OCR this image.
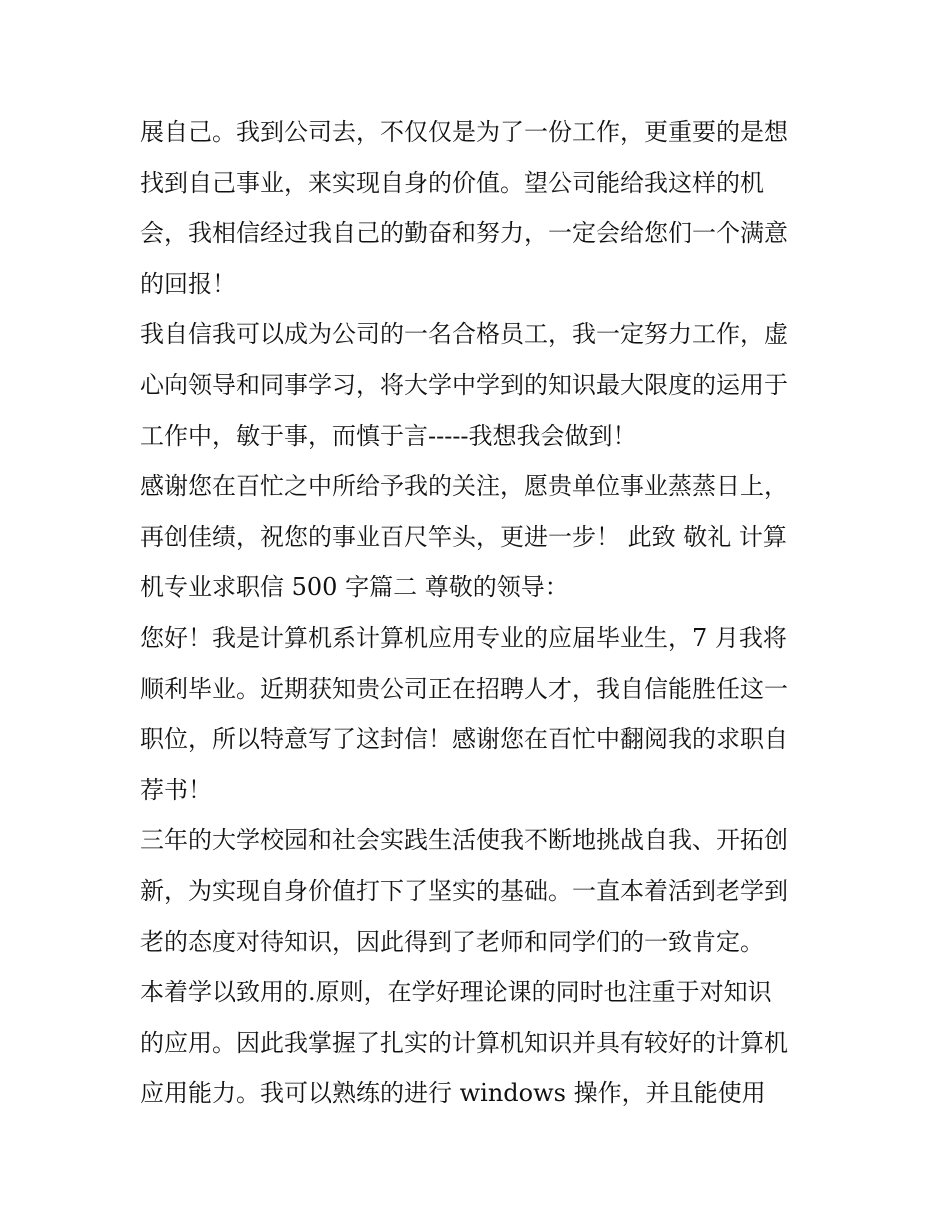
展自己。我到公司去，不仅仅是为了一份工作，更重要的是想
找到自己事业，来实现自身的价值。望公司能给我这样的机
会，我相信经过我自己的勤奋和努力，一定会给您们一个满意
的回报！
我自信我可以成为公司的一名合格员工，我一定努力工作，虚
心向领导和同事学习，将大学中学到的知识最大限度的运用于
工作中，敏于事，而慎于言-----我想我会做到！
感谢您在百忙之中所给予我的关注，愿贵单位事业蒸蒸日上，
再创佳绩，祝您的事业百尺竿头，更进一步！ 此致 敬礼 计算
机专业求职信 500 字篇二 尊敬的领导：
您好！我是计算机系计算机应用专业的应届毕业生，7 月我将
顺利毕业。近期获知贵公司正在招聘人才，我自信能胜任这一
职位，所以特意写了这封信！感谢您在百忙中翻阅我的求职自
荐书！
三年的大学校园和社会实践生活使我不断地挑战自我、开拓创
新，为实现自身价值打下了坚实的基础。一直本着活到老学到
老的态度对待知识，因此得到了老师和同学们的一致肯定。
本着学以致用的.原则，在学好理论课的同时也注重于对知识
的应用。因此我掌握了扎实的计算机知识并具有较好的计算机
应用能力。我可以熟练的进行 windows 操作，并且能使用
